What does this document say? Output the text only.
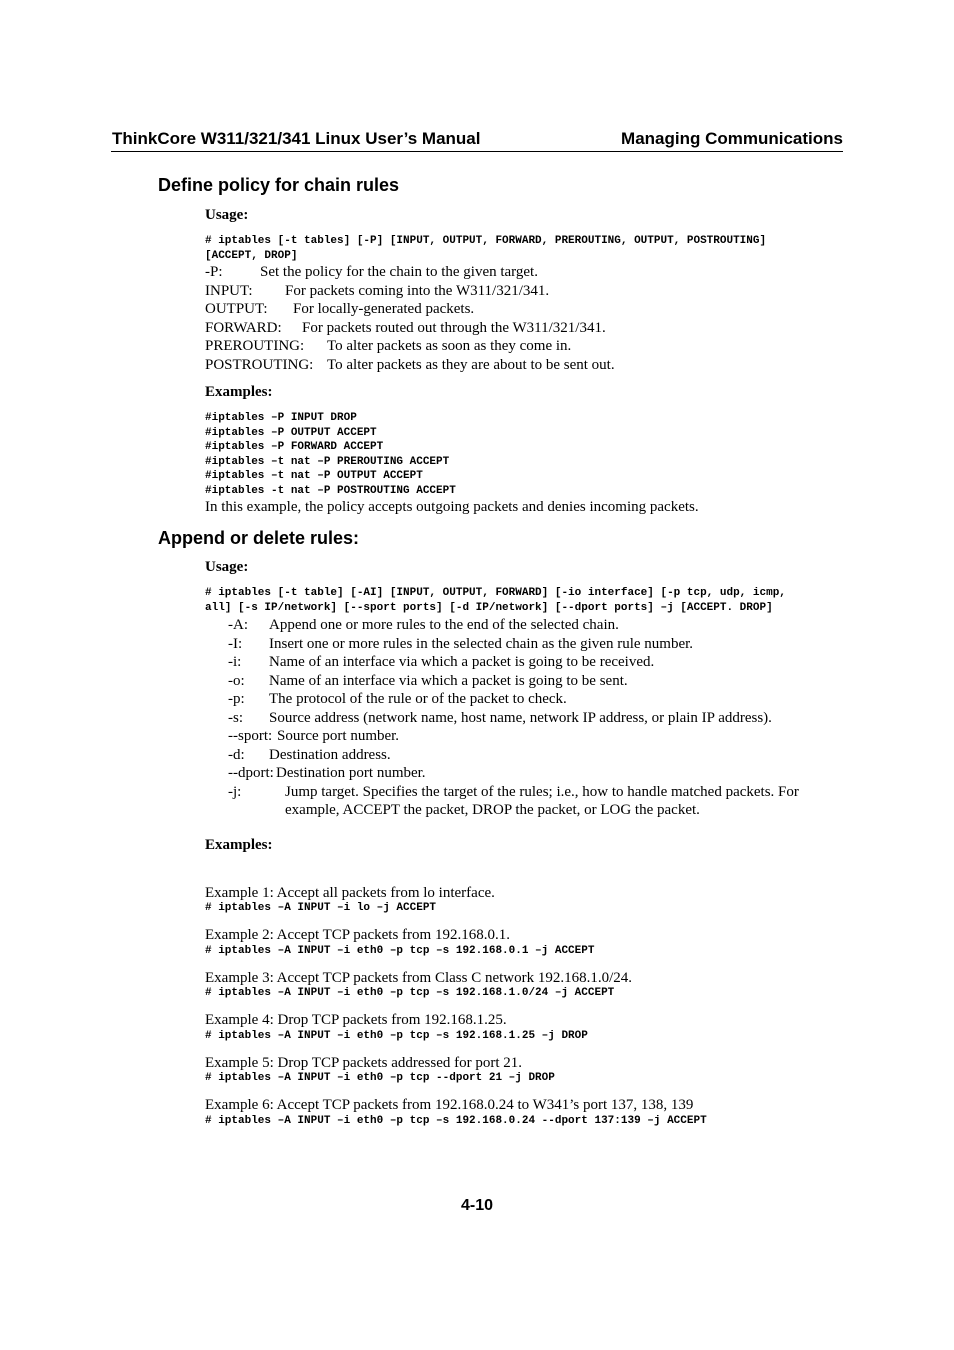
ThinkCore W311/321/341 Linux User’s Manual	Managing Communications
Define policy for chain rules
Usage:
# iptables [-t tables] [-P] [INPUT, OUTPUT, FORWARD, PREROUTING, OUTPUT, POSTROUTING]
[ACCEPT, DROP]
-P: Set the policy for the chain to the given target.
INPUT: For packets coming into the W311/321/341.
OUTPUT: For locally-generated packets.
FORWARD: For packets routed out through the W311/321/341.
PREROUTING: To alter packets as soon as they come in.
POSTROUTING: To alter packets as they are about to be sent out.
Examples:
#iptables –P INPUT DROP
#iptables –P OUTPUT ACCEPT
#iptables –P FORWARD ACCEPT
#iptables –t nat –P PREROUTING ACCEPT
#iptables –t nat –P OUTPUT ACCEPT
#iptables -t nat –P POSTROUTING ACCEPT
In this example, the policy accepts outgoing packets and denies incoming packets.
Append or delete rules:
Usage:
# iptables [-t table] [-AI] [INPUT, OUTPUT, FORWARD] [-io interface] [-p tcp, udp, icmp,
all] [-s IP/network] [--sport ports] [-d IP/network] [--dport ports] –j [ACCEPT. DROP]
-A: Append one or more rules to the end of the selected chain.
-I: Insert one or more rules in the selected chain as the given rule number.
-i: Name of an interface via which a packet is going to be received.
-o: Name of an interface via which a packet is going to be sent.
-p: The protocol of the rule or of the packet to check.
-s: Source address (network name, host name, network IP address, or plain IP address).
--sport: Source port number.
-d: Destination address.
--dport: Destination port number.
-j:	Jump target. Specifies the target of the rules; i.e., how to handle matched packets. For example, ACCEPT the packet, DROP the packet, or LOG the packet.
Examples:
Example 1: Accept all packets from lo interface.
# iptables –A INPUT –i lo –j ACCEPT
Example 2: Accept TCP packets from 192.168.0.1.
# iptables –A INPUT –i eth0 –p tcp –s 192.168.0.1 –j ACCEPT
Example 3: Accept TCP packets from Class C network 192.168.1.0/24.
# iptables –A INPUT –i eth0 –p tcp –s 192.168.1.0/24 –j ACCEPT
Example 4: Drop TCP packets from 192.168.1.25.
# iptables –A INPUT –i eth0 –p tcp –s 192.168.1.25 –j DROP
Example 5: Drop TCP packets addressed for port 21.
# iptables –A INPUT –i eth0 –p tcp --dport 21 –j DROP
Example 6: Accept TCP packets from 192.168.0.24 to W341’s port 137, 138, 139
# iptables –A INPUT –i eth0 –p tcp –s 192.168.0.24 --dport 137:139 –j ACCEPT
4-10
